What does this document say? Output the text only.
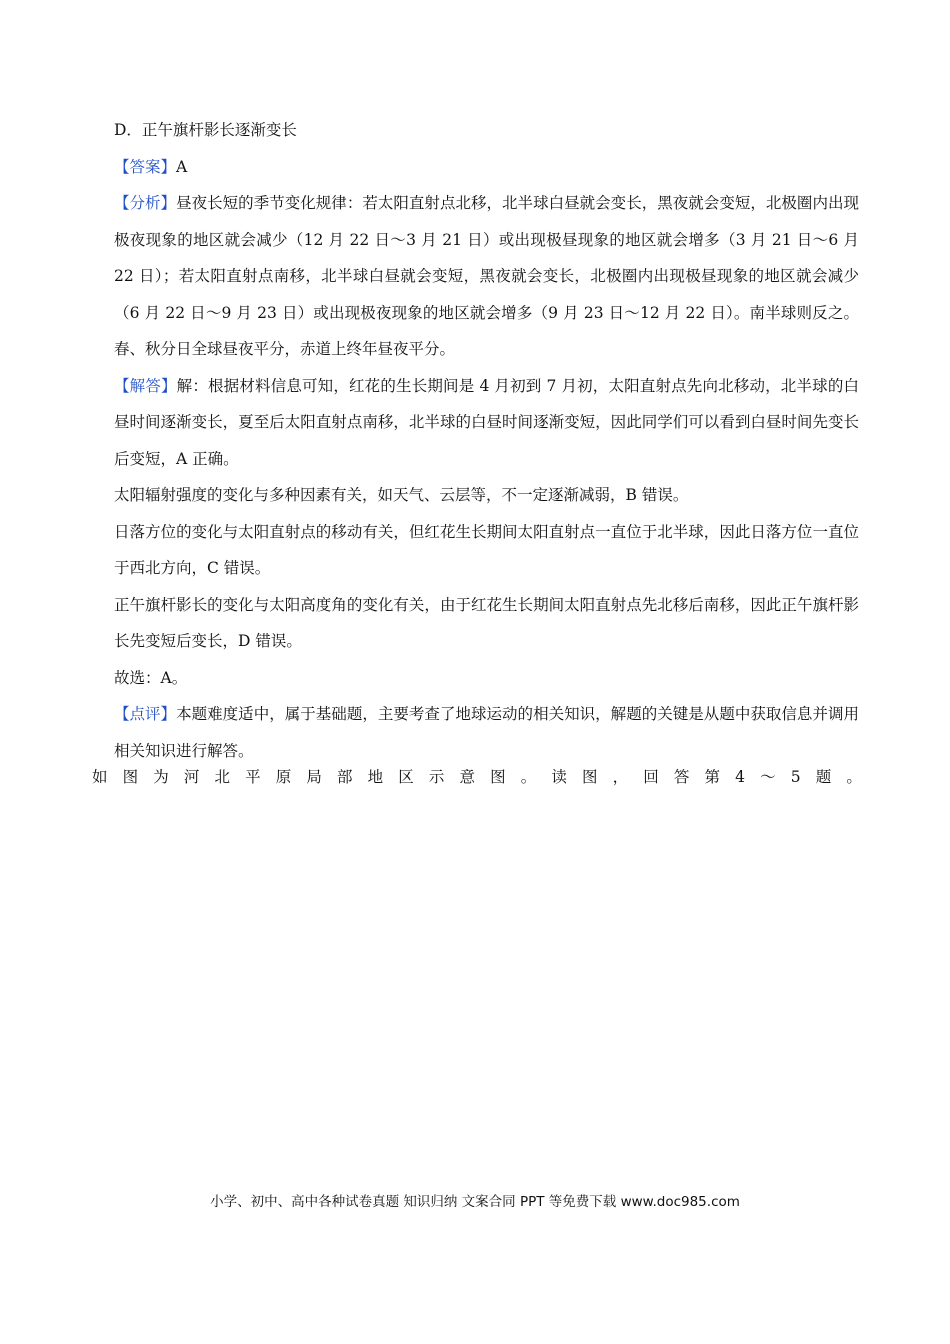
D．正午旗杆影长逐渐变长

【答案】A

【分析】昼夜长短的季节变化规律：若太阳直射点北移，北半球白昼就会变长，黑夜就会变短，北极圈内出现极夜现象的地区就会减少（12 月 22 日～3 月 21 日）或出现极昼现象的地区就会增多（3 月 21 日～6 月 22 日）；若太阳直射点南移，北半球白昼就会变短，黑夜就会变长，北极圈内出现极昼现象的地区就会减少（6 月 22 日～9 月 23 日）或出现极夜现象的地区就会增多（9 月 23 日～12 月 22 日）。南半球则反之。春、秋分日全球昼夜平分，赤道上终年昼夜平分。

【解答】解：根据材料信息可知，红花的生长期间是 4 月初到 7 月初，太阳直射点先向北移动，北半球的白昼时间逐渐变长，夏至后太阳直射点南移，北半球的白昼时间逐渐变短，因此同学们可以看到白昼时间先变长后变短，A 正确。

太阳辐射强度的变化与多种因素有关，如天气、云层等，不一定逐渐减弱，B 错误。

日落方位的变化与太阳直射点的移动有关，但红花生长期间太阳直射点一直位于北半球，因此日落方位一直位于西北方向，C 错误。

正午旗杆影长的变化与太阳高度角的变化有关，由于红花生长期间太阳直射点先北移后南移，因此正午旗杆影长先变短后变长，D 错误。

故选：A。

【点评】本题难度适中，属于基础题，主要考查了地球运动的相关知识，解题的关键是从题中获取信息并调用相关知识进行解答。

如 图 为 河 北 平 原 局 部 地 区 示 意 图 。 读 图 ， 回 答 第 4 ～ 5 题 。
小学、初中、高中各种试卷真题 知识归纳 文案合同 PPT 等免费下载 www.doc985.com
